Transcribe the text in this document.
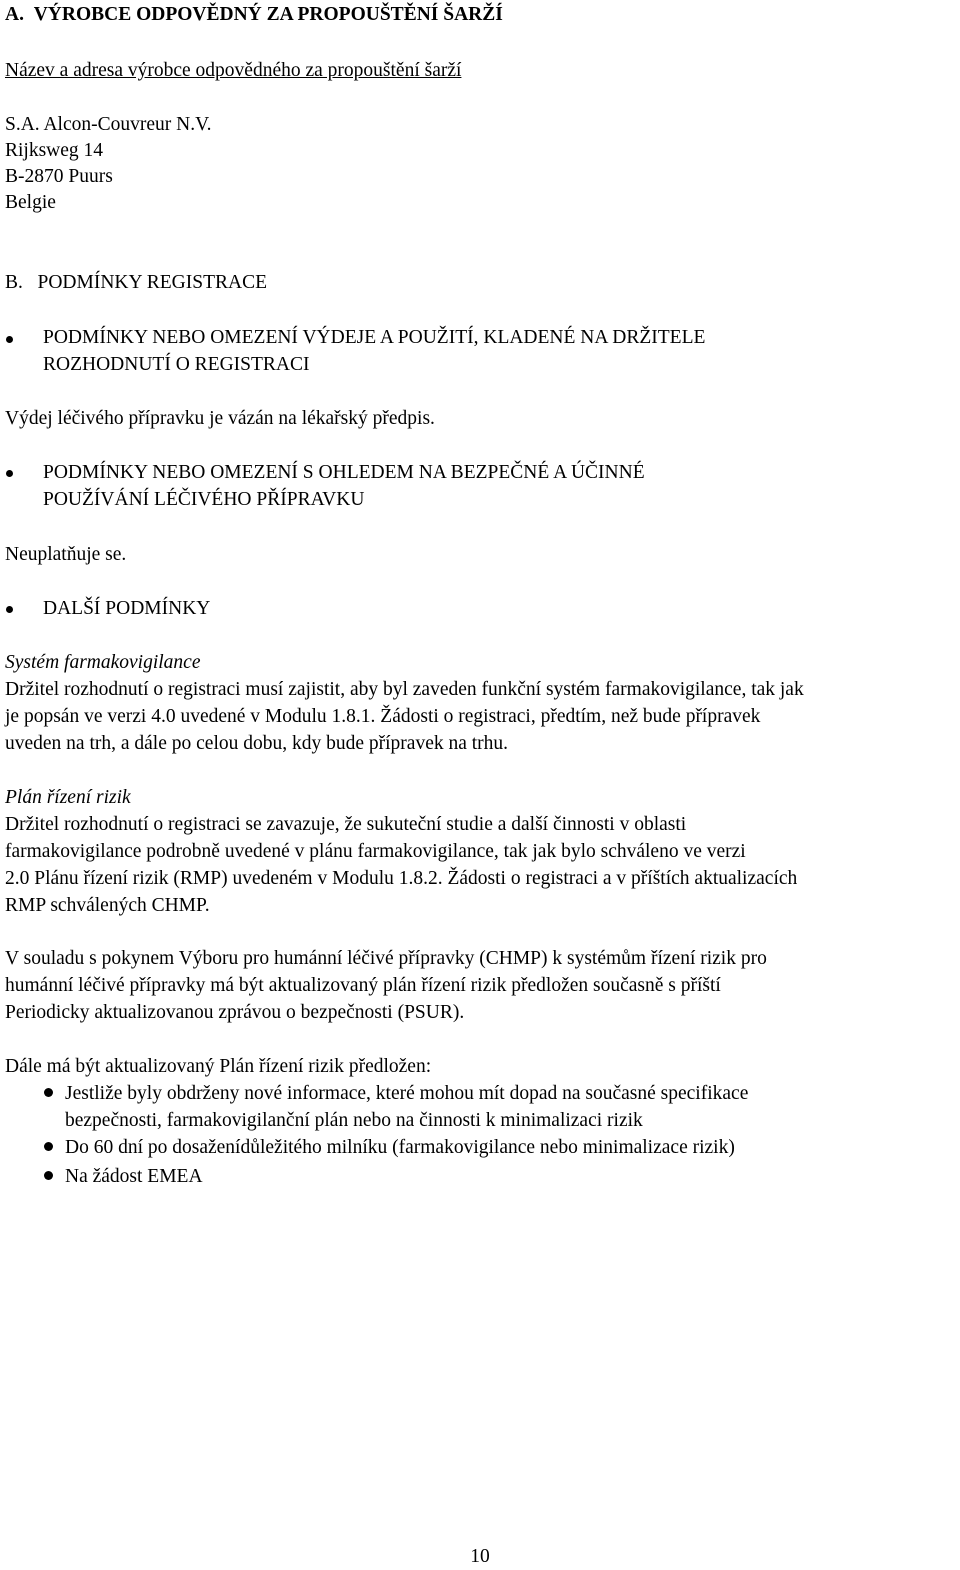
A.  VÝROBCE ODPOVĚDNÝ ZA PROPOUŠTĚNÍ ŠARŽÍ
Název a adresa výrobce odpovědného za propouštění šarží
S.A. Alcon-Couvreur N.V.
Rijksweg 14
B-2870 Puurs
Belgie
B.   PODMÍNKY REGISTRACE
PODMÍNKY NEBO OMEZENÍ VÝDEJE A POUŽITÍ, KLADENÉ NA DRŽITELE
ROZHODNUTÍ O REGISTRACI
Výdej léčivého přípravku je vázán na lékařský předpis.
PODMÍNKY NEBO OMEZENÍ S OHLEDEM NA BEZPEČNÉ A ÚČINNÉ
POUŽÍVÁNÍ LÉČIVÉHO PŘÍPRAVKU
Neuplatňuje se.
DALŠÍ PODMÍNKY
Systém farmakovigilance
Držitel rozhodnutí o registraci musí zajistit, aby byl zaveden funkční systém farmakovigilance, tak jak
je popsán ve verzi 4.0 uvedené v Modulu 1.8.1. Žádosti o registraci, předtím, než bude přípravek
uveden na trh, a dále po celou dobu, kdy bude přípravek na trhu.
Plán řízení rizik
Držitel rozhodnutí o registraci se zavazuje, že sukuteční studie a další činnosti v oblasti
farmakovigilance podrobně uvedené v plánu farmakovigilance, tak jak bylo schváleno ve verzi
2.0 Plánu řízení rizik (RMP) uvedeném v Modulu 1.8.2. Žádosti o registraci a v příštích aktualizacích
RMP schválených CHMP.
V souladu s pokynem Výboru pro humánní léčivé přípravky (CHMP) k systémům řízení rizik pro
humánní léčivé přípravky má být aktualizovaný plán řízení rizik předložen současně s příští
Periodicky aktualizovanou zprávou o bezpečnosti (PSUR).
Dále má být aktualizovaný Plán řízení rizik předložen:
Jestliže byly obdrženy nové informace, které mohou mít dopad na současné specifikace
bezpečnosti, farmakovigilanční plán nebo na činnosti k minimalizaci rizik
Do 60 dní po dosaženídůležitého milníku (farmakovigilance nebo minimalizace rizik)
Na žádost EMEA
10
